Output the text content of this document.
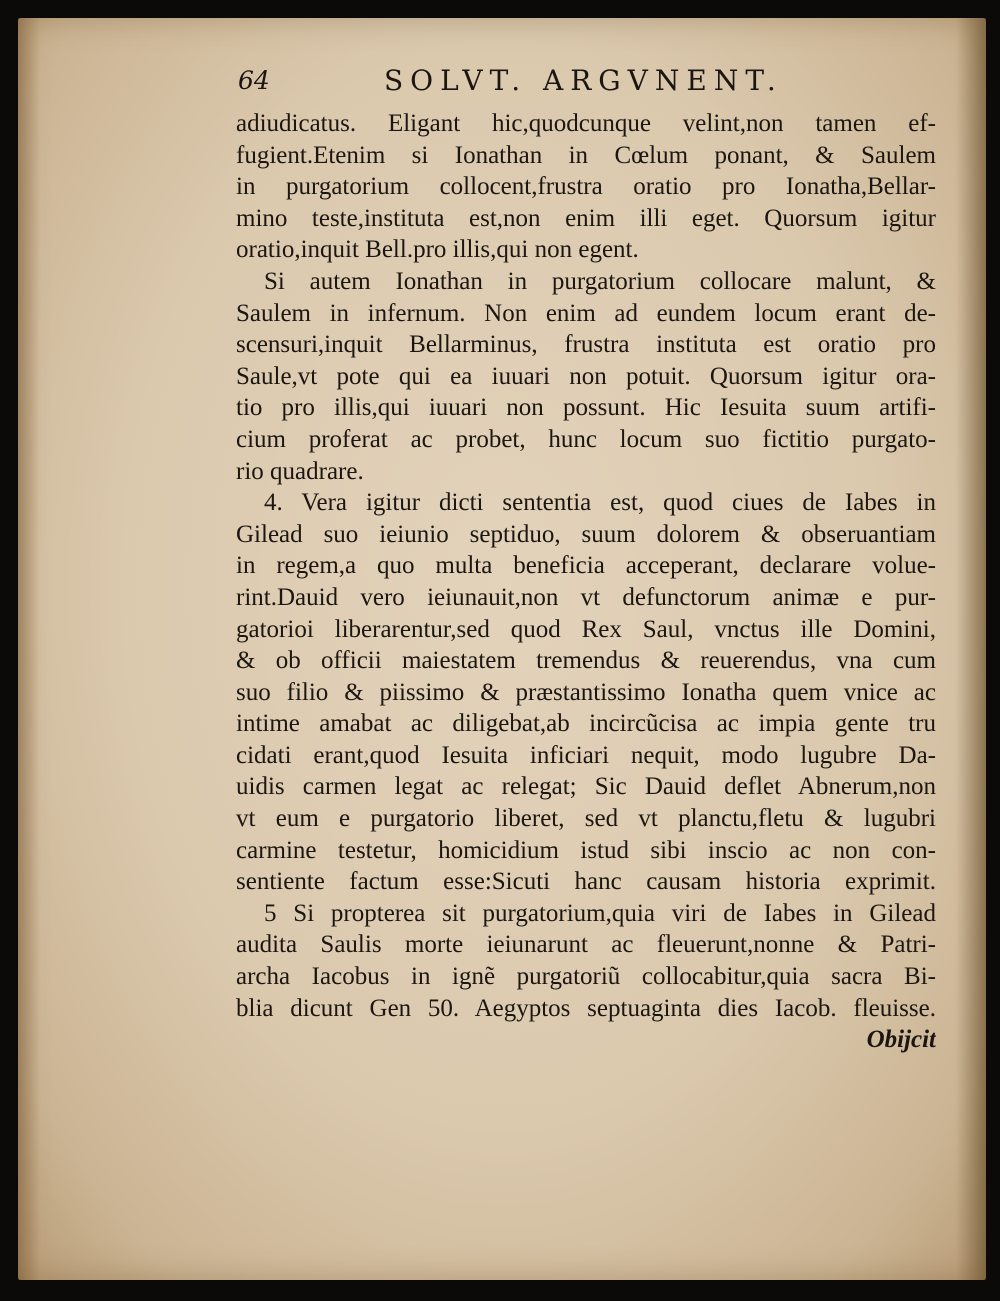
64	SOLVT. ARGVNENT.
adiudicatus. Eligant hic,quodcunque velint,non tamen ef-
fugient.Etenim si Ionathan in Cœlum ponant, & Saulem
in purgatorium collocent,frustra oratio pro Ionatha,Bellar-
mino teste,instituta est,non enim illi eget. Quorsum igitur
oratio,inquit Bell.pro illis,qui non egent.
Si autem Ionathan in purgatorium collocare malunt, &
Saulem in infernum. Non enim ad eundem locum erant de-
scensuri,inquit Bellarminus, frustra instituta est oratio pro
Saule,vt pote qui ea iuuari non potuit. Quorsum igitur ora-
tio pro illis,qui iuuari non possunt. Hic Iesuita suum artifi-
cium proferat ac probet, hunc locum suo fictitio purgato-
rio quadrare.
4. Vera igitur dicti sententia est, quod ciues de Iabes in
Gilead suo ieiunio septiduo, suum dolorem & obseruantiam
in regem,a quo multa beneficia acceperant, declarare volue-
rint.Dauid vero ieiunauit,non vt defunctorum animæ e pur-
gatorioi liberarentur,sed quod Rex Saul, vnctus ille Domini,
& ob officii maiestatem tremendus & reuerendus, vna cum
suo filio & piissimo & præstantissimo Ionatha quem vnice ac
intime amabat ac diligebat,ab incircũcisa ac impia gente tru
cidati erant,quod Iesuita inficiari nequit, modo lugubre Da-
uidis carmen legat ac relegat; Sic Dauid deflet Abnerum,non
vt eum e purgatorio liberet, sed vt planctu,fletu & lugubri
carmine testetur, homicidium istud sibi inscio ac non con-
sentiente factum esse:Sicuti hanc causam historia exprimit.
5 Si propterea sit purgatorium,quia viri de Iabes in Gilead
audita Saulis morte ieiunarunt ac fleuerunt,nonne & Patri-
archa Iacobus in ignẽ purgatoriũ collocabitur,quia sacra Bi-
blia dicunt Gen 50. Aegyptos septuaginta dies Iacob. fleuisse.
Obijcit
